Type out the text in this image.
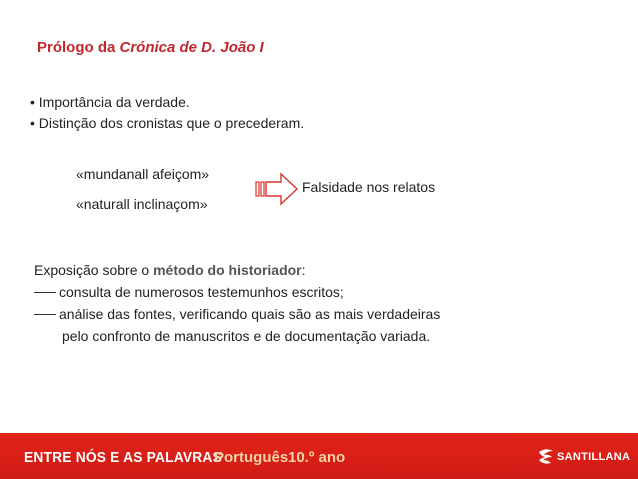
Prólogo da Crónica de D. João I
• Importância da verdade.
• Distinção dos cronistas que o precederam.
«mundanall afeiçom»
«naturall inclinaçom»
Falsidade nos relatos
Exposição sobre o método do historiador:
consulta de numerosos testemunhos escritos;
análise das fontes, verificando quais são as mais verdadeiras
pelo confronto de manuscritos e de documentação variada.
ENTRE NÓS E AS PALAVRAS
Português 10.º ano	SANTILLANA
